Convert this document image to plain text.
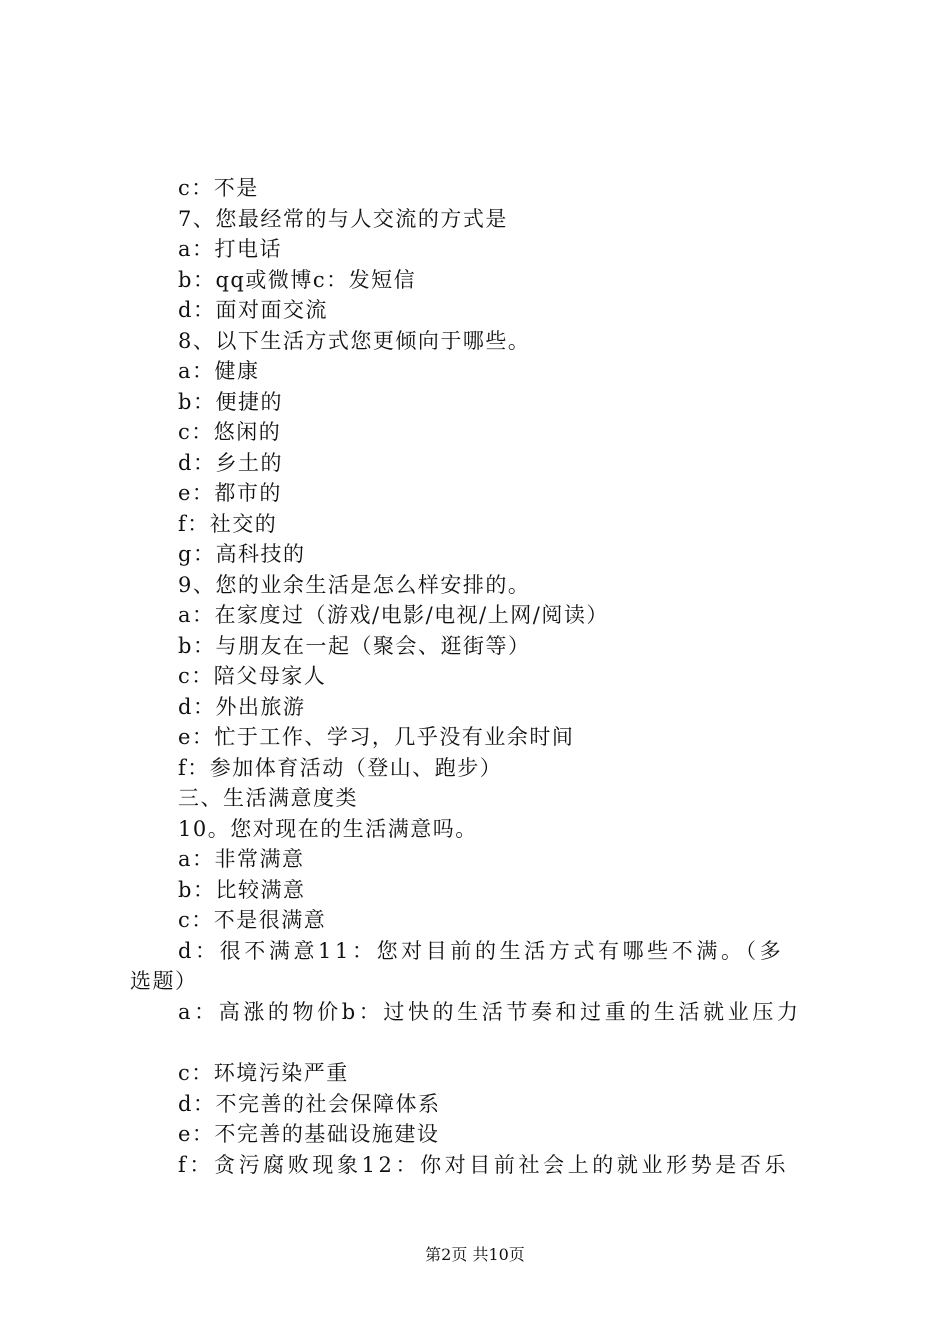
c：不是
7、您最经常的与人交流的方式是
a：打电话
b：qq或微博c：发短信
d：面对面交流
8、以下生活方式您更倾向于哪些。
a：健康
b：便捷的
c：悠闲的
d：乡土的
e：都市的
f：社交的
g：高科技的
9、您的业余生活是怎么样安排的。
a：在家度过（游戏/电影/电视/上网/阅读）
b：与朋友在一起（聚会、逛街等）
c：陪父母家人
d：外出旅游
e：忙于工作、学习，几乎没有业余时间
f：参加体育活动（登山、跑步）
三、生活满意度类
10。您对现在的生活满意吗。
a：非常满意
b：比较满意
c：不是很满意
d：很不满意11：您对目前的生活方式有哪些不满。（多
选题）
a：高涨的物价b：过快的生活节奏和过重的生活就业压力
c：环境污染严重
d：不完善的社会保障体系
e：不完善的基础设施建设
f：贪污腐败现象12：你对目前社会上的就业形势是否乐
第2页 共10页
